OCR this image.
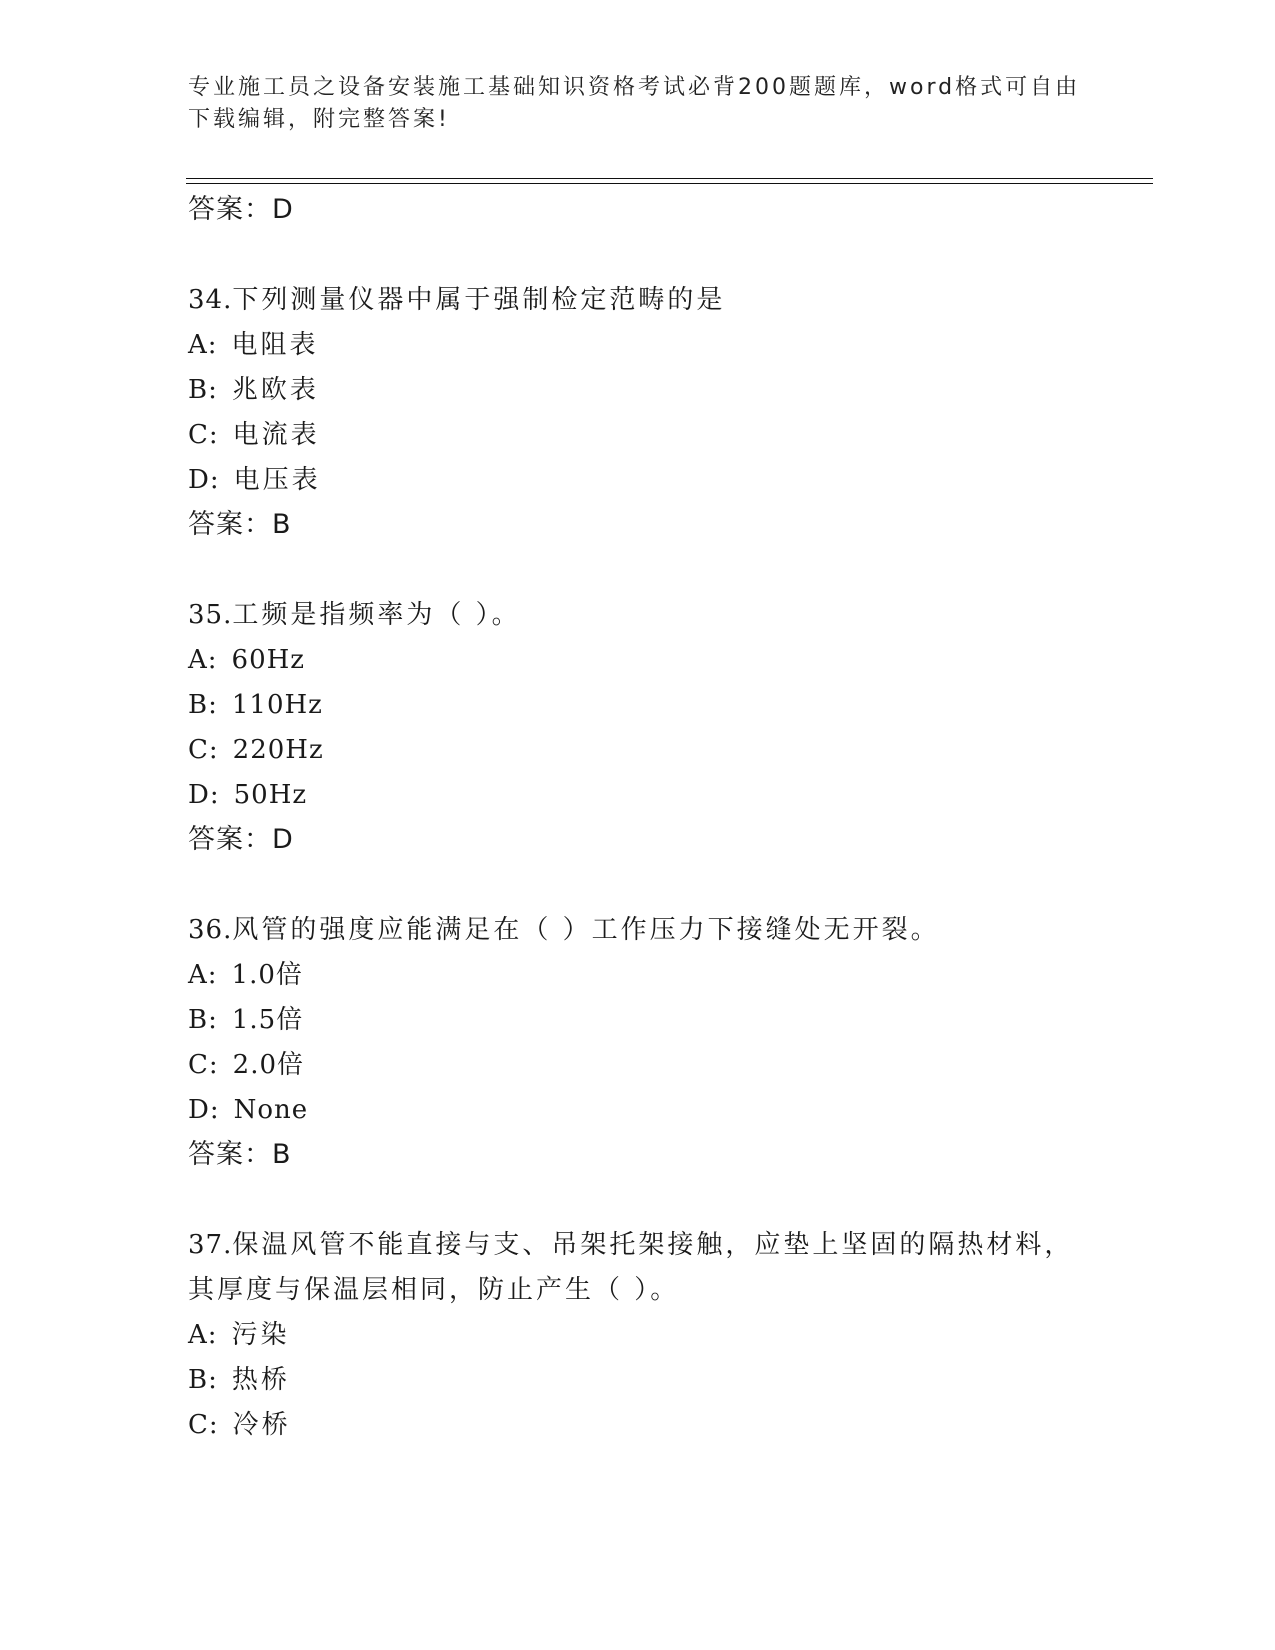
专业施工员之设备安装施工基础知识资格考试必背200题题库，word格式可自由
下载编辑，附完整答案!
答案：D
34.下列测量仪器中属于强制检定范畴的是
A: 电阻表
B: 兆欧表
C: 电流表
D: 电压表
答案：B
35.工频是指频率为（ ）。
A: 60Hz
B: 110Hz
C: 220Hz
D: 50Hz
答案：D
36.风管的强度应能满足在（ ）工作压力下接缝处无开裂。
A: 1.0倍
B: 1.5倍
C: 2.0倍
D: None
答案：B
37.保温风管不能直接与支、吊架托架接触，应垫上坚固的隔热材料，
其厚度与保温层相同，防止产生（ ）。
A: 污染
B: 热桥
C: 冷桥
